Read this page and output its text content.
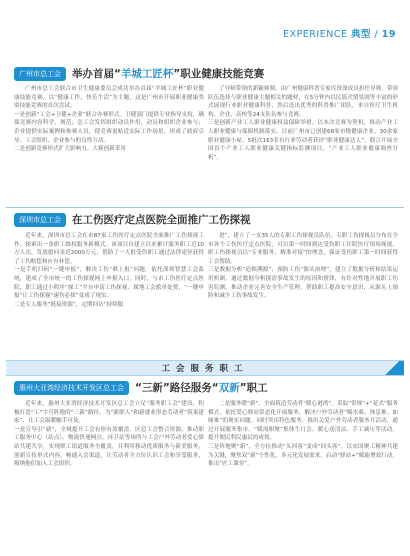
EXPERIENCE 典型 / 19
广州市总工会	举办首届“羊城工匠杯”职业健康技能竞赛

广州市总工会联合市卫生健康委员会成功举办首届“羊城工匠杯”职业健康技能竞赛，以“健康工作，快乐生活”为主题，这是广州市开展职业健康类别技能竞赛的首次尝试。
一是创新“工会+卫健+企业”联合办赛形式。卫健部门提供专业指导支持，确保竞赛内容科学、规范；总工会发挥组织动员作用，动员和组织企业参与；企业提供实际案例和参赛人员，使竞赛更贴近实际工作场景，形成了政府引导、工会组织、企业参与的良性互动。
二是创新竞赛形式扩大影响力。大赛创新采用

了导师带领的新颖赛制，由广州健康科普专家库资深成员担任导师，带领队伍选择与职业健康主题相关的题材，在5分钟内以民谣式情景剧等丰富的形式展现行业职业健康科普，然后选出优秀的科普推广团队，来自医疗卫生机构、企业、高校等24支队伍参与竞赛。
三是创新产业工人职业健康权益保障举措。以本次竞赛为契机，推动产业工人职业健康与保障机制落实。目前广州市已创建68家市级健康企业、30余家职业健康小屋，5批次163名有行业劳动者获评“职业健康达人”。联合开展全国首个产业工人职业健康关键指标监测项目，“产业工人职业健康调查分析”。

深圳市总工会	在工伤医疗定点医院全面推广工伤探视

近年来，深圳市总工会在市87家工伤医疗定点医院全面推广工伤探视工作，探索出一条职工维权服务新模式。该项目自建立以来累计服务职工近10万人次，发放慰问金近2000万元，帮助了一大批受伤职工通过法律途径获得了工伤赔偿和应有补偿。
一是手机扫码“一键申报”，解决工伤“难上报”问题。依托深圳智慧工会系统，建成了全市统一的工伤探视网上申报入口，同时，与市工伤医疗定点医院、职工通过小程序“探工”平台申请工伤探视，属地工会派单处置，“一键申报”让工伤探视“速伤必探”变成了现实。
二是专人服务“链接资源”，定期回访“持续服

进”，建立了一支35人的专职工伤探视员队伍。专职工伤探视员分布在全市各个工伤医疗定点医院，可以第一时间到达受伤职工住院医疗现场探视。职工伤探视员以“专业服务、精准对接”的理念，保证受伤职工第一时间获得工会帮助。
三是数据分析“追根溯源”，预防工伤“源头治理”。建立了数据分析和结果运用机制，通过数据分析摸清事故发生的原因和规律，有针对性地开展职工伤害监测，推动企业完善安全生产管理，帮助职工提高安全意识，从源头上预防和减少工伤事故发生。

工会服务职工
惠州大亚湾经济技术开发区总工会	“三新”路径服务“双新”职工

近年来，惠州大亚湾经济技术开发区总工会立足“服务职工会”建设，积极打造“工”字号阵地的“三新”路径，为“新职人”和新就业形态劳动者“筑巢建家”、让工会温暖触手可及。
一是宣导引“新”，全域提升工会有形有效覆盖。区总工会整合资源，推动职工服务中心（站点）、物流快递网点、环卫站等场所与工会户外劳动者爱心驿站共建共享，实现职工街道服务全覆盖，并利用移动优质服务与新美服务，创新宣传形式内容，畅通入会渠道，让劳动者全方位认识工会和享受服务，吸纳他们加入工会组织。

二是服务暖“新”，全面筑造劳动者“暖心港湾”。采取“常规”+“花式”服务模式，依托爱心驿站常态化开展服务，解决户外劳动者“喝水难、休息难、如厕难”的现实问题。同时突出特色服务，推出关爱户外劳动者服务月活动，通过开展服务集市、“暖流相聚”集体生日会、暖心送清凉、手工减压等活动，提升便民利民惠民的成效。
三是阵地聚“新”，全方位推动“头回客”变成“回头客”。以宋国聚工精神共建为关键，聚焦双“新”个性化、多元化发展需求，启动“驿站+”赋能增效行动，推出“匠工课堂”。
